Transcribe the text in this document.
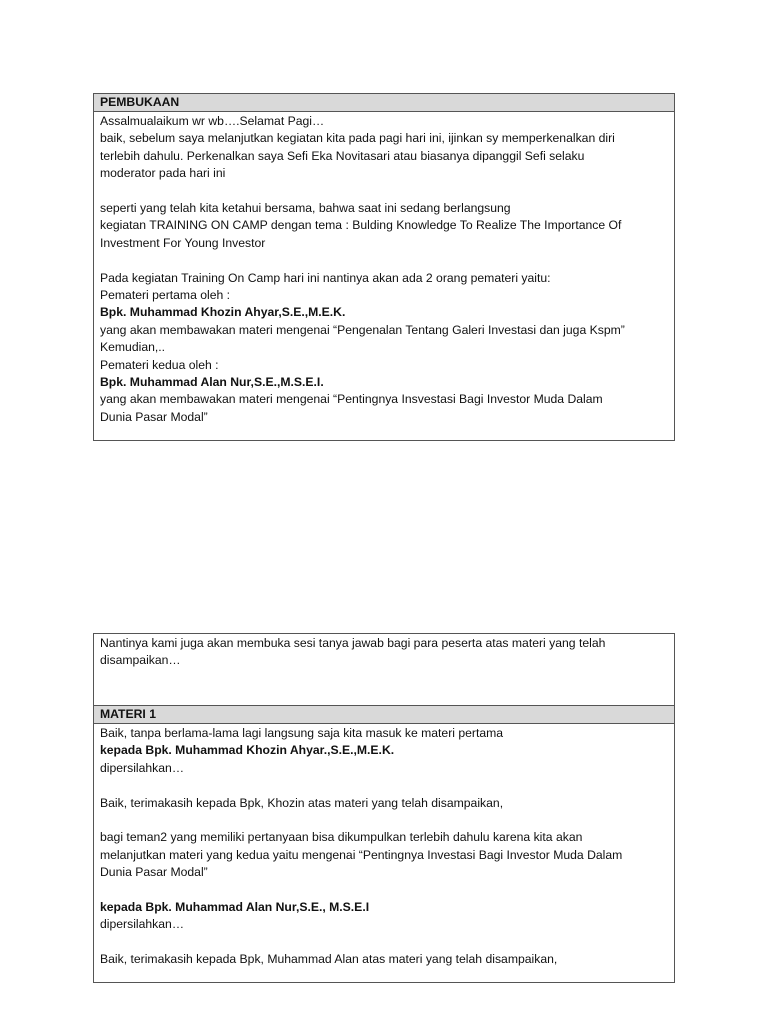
PEMBUKAAN
Assalmualaikum wr wb….Selamat Pagi…
baik, sebelum saya melanjutkan kegiatan kita pada pagi hari ini, ijinkan sy memperkenalkan diri
terlebih dahulu. Perkenalkan saya Sefi Eka Novitasari atau biasanya dipanggil Sefi selaku
moderator pada hari ini
seperti yang telah kita ketahui bersama, bahwa saat ini sedang berlangsung
kegiatan TRAINING ON CAMP dengan tema : Bulding Knowledge To Realize The Importance Of
Investment For Young Investor
Pada kegiatan Training On Camp hari ini nantinya akan ada 2 orang pemateri yaitu:
Pemateri pertama oleh :
Bpk. Muhammad Khozin Ahyar,S.E.,M.E.K.
yang akan membawakan materi mengenai “Pengenalan Tentang Galeri Investasi dan juga Kspm”
Kemudian,..
Pemateri kedua oleh :
Bpk. Muhammad Alan Nur,S.E.,M.S.E.I.
yang akan membawakan materi mengenai “Pentingnya Insvestasi Bagi Investor Muda Dalam
Dunia Pasar Modal”
Nantinya kami juga akan membuka sesi tanya jawab bagi para peserta atas materi yang telah
disampaikan…
MATERI 1
Baik, tanpa berlama-lama lagi langsung saja kita masuk ke materi pertama
kepada Bpk. Muhammad Khozin Ahyar.,S.E.,M.E.K.
dipersilahkan…
Baik, terimakasih kepada Bpk, Khozin atas materi yang telah disampaikan,
bagi teman2 yang memiliki pertanyaan bisa dikumpulkan terlebih dahulu karena kita akan
melanjutkan materi yang kedua yaitu mengenai “Pentingnya Investasi Bagi Investor Muda Dalam
Dunia Pasar Modal”
kepada Bpk. Muhammad Alan Nur,S.E., M.S.E.I
dipersilahkan…
Baik, terimakasih kepada Bpk, Muhammad Alan atas materi yang telah disampaikan,
